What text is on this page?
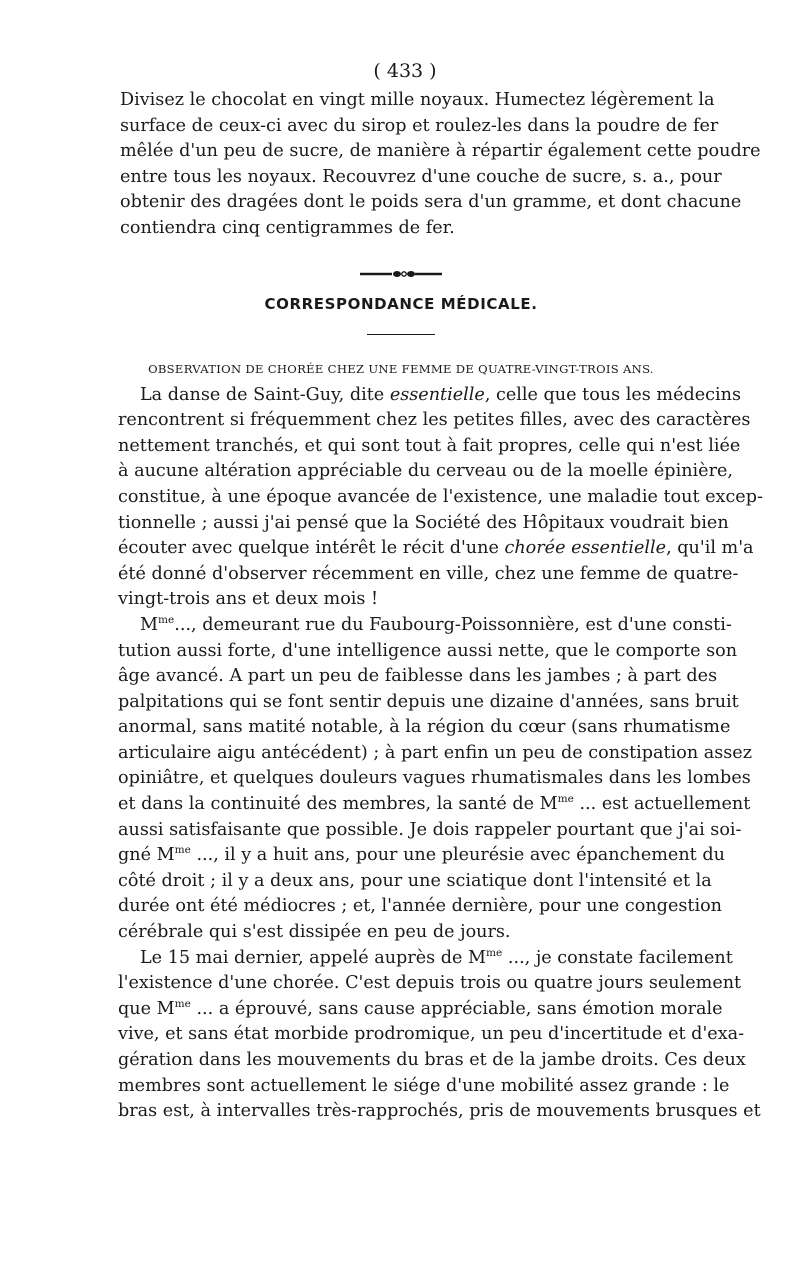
( 433 )
Divisez le chocolat en vingt mille noyaux. Humectez légèrement la
surface de ceux-ci avec du sirop et roulez-les dans la poudre de fer
mêlée d'un peu de sucre, de manière à répartir également cette poudre
entre tous les noyaux. Recouvrez d'une couche de sucre, s. a., pour
obtenir des dragées dont le poids sera d'un gramme, et dont chacune
contiendra cinq centigrammes de fer.
CORRESPONDANCE MÉDICALE.
OBSERVATION DE CHORÉE CHEZ UNE FEMME DE QUATRE-VINGT-TROIS ANS.
La danse de Saint-Guy, dite essentielle, celle que tous les médecins
rencontrent si fréquemment chez les petites filles, avec des caractères
nettement tranchés, et qui sont tout à fait propres, celle qui n'est liée
à aucune altération appréciable du cerveau ou de la moelle épinière,
constitue, à une époque avancée de l'existence, une maladie tout excep-
tionnelle ; aussi j'ai pensé que la Société des Hôpitaux voudrait bien
écouter avec quelque intérêt le récit d'une chorée essentielle, qu'il m'a
été donné d'observer récemment en ville, chez une femme de quatre-
vingt-trois ans et deux mois !
$M^{me}$..., demeurant rue du Faubourg-Poissonnière, est d'une consti-
tution aussi forte, d'une intelligence aussi nette, que le comporte son
âge avancé. A part un peu de faiblesse dans les jambes ; à part des
palpitations qui se font sentir depuis une dizaine d'années, sans bruit
anormal, sans matité notable, à la région du cœur (sans rhumatisme
articulaire aigu antécédent) ; à part enfin un peu de constipation assez
opiniâtre, et quelques douleurs vagues rhumatismales dans les lombes
et dans la continuité des membres, la santé de $M^{me}$ ... est actuellement
aussi satisfaisante que possible. Je dois rappeler pourtant que j'ai soi-
gné $M^{me}$ ..., il y a huit ans, pour une pleurésie avec épanchement du
côté droit ; il y a deux ans, pour une sciatique dont l'intensité et la
durée ont été médiocres ; et, l'année dernière, pour une congestion
cérébrale qui s'est dissipée en peu de jours.
Le 15 mai dernier, appelé auprès de $M^{me}$ ..., je constate facilement
l'existence d'une chorée. C'est depuis trois ou quatre jours seulement
que $M^{me}$ ... a éprouvé, sans cause appréciable, sans émotion morale
vive, et sans état morbide prodromique, un peu d'incertitude et d'exa-
gération dans les mouvements du bras et de la jambe droits. Ces deux
membres sont actuellement le siége d'une mobilité assez grande : le
bras est, à intervalles très-rapprochés, pris de mouvements brusques et
